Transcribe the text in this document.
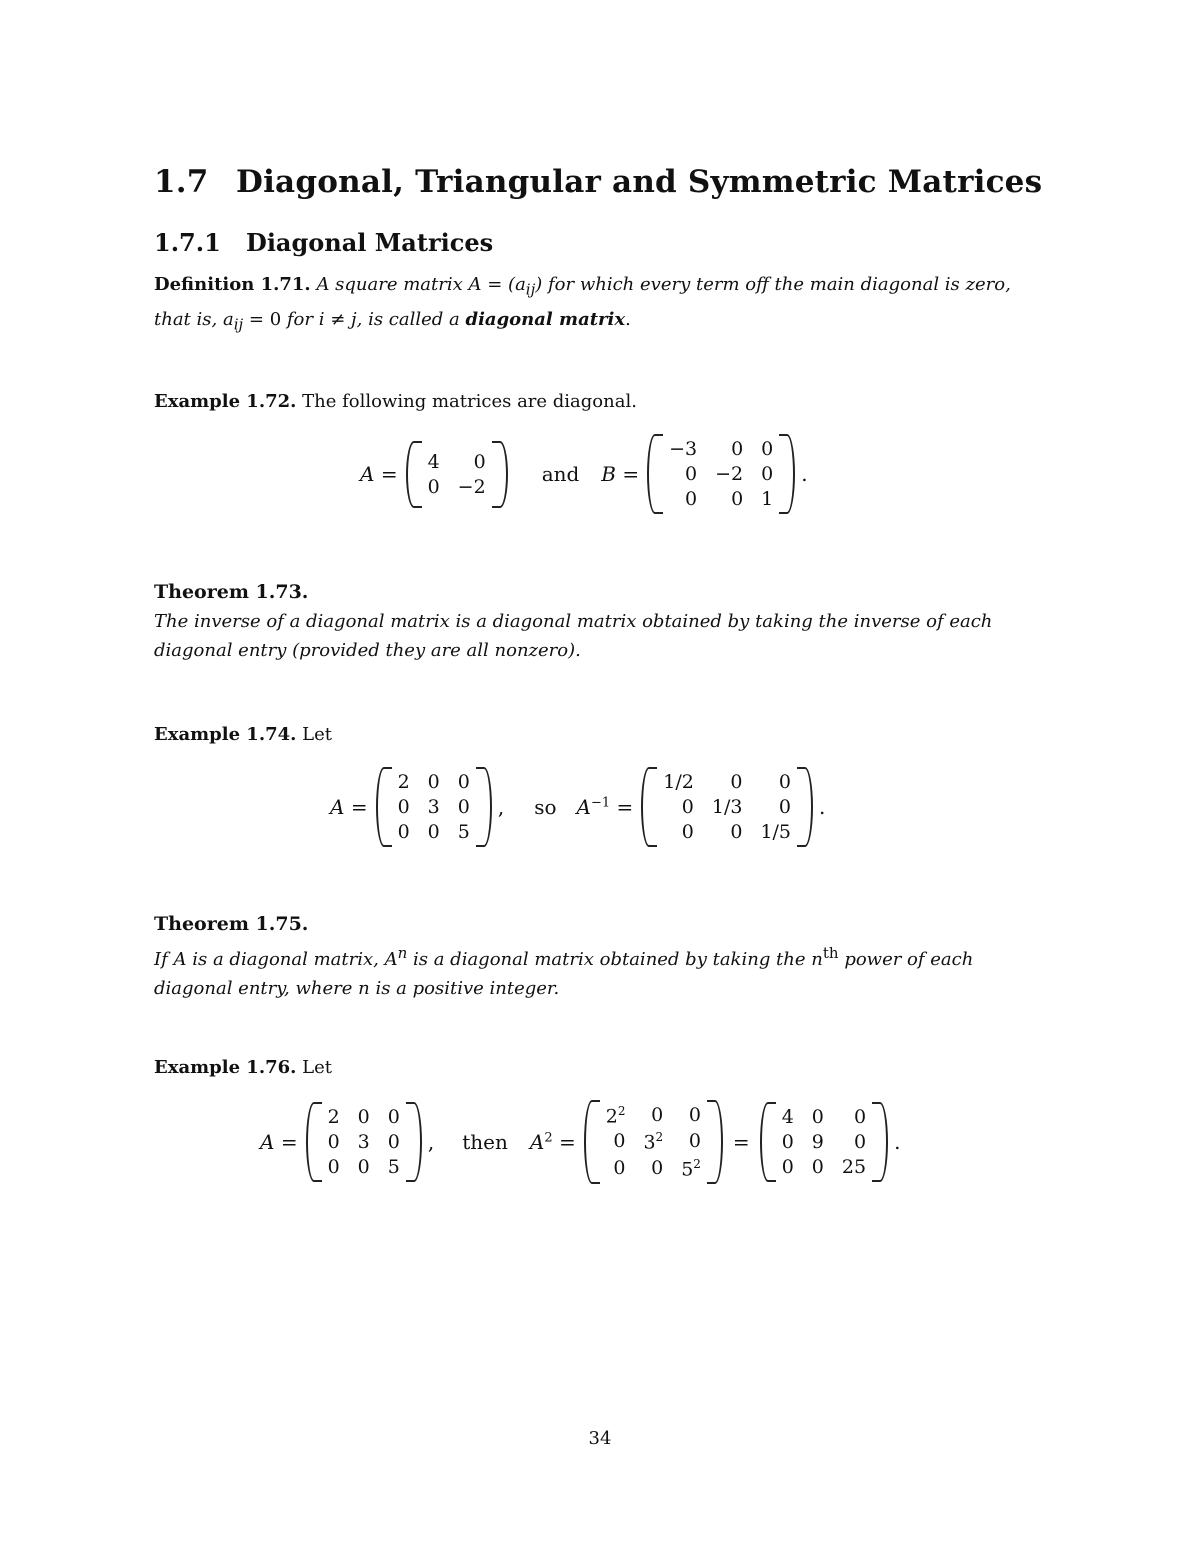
1.7 Diagonal, Triangular and Symmetric Matrices
1.7.1 Diagonal Matrices
Definition 1.71. A square matrix $A = (a_{ij})$ for which every term off the main diagonal is zero, that is, $a_{ij} = 0$ for i ≠ j, is called a diagonal matrix.
Example 1.72. The following matrices are diagonal.
A =
4	0
0 −2
and B =
−3	0 0
0 −2 0
0	0 1
.
Theorem 1.73.
The inverse of a diagonal matrix is a diagonal matrix obtained by taking the inverse of each diagonal entry (provided they are all nonzero).
Example 1.74. Let
A =
2 0 0
0 3 0
0 0 5
, so $A^{-1}$ =
1/2	0	0
0 1/3	0
0	0 1/5
.
Theorem 1.75.
If A is a diagonal matrix, $A^n$ is a diagonal matrix obtained by taking the $n^{th}$ power of each diagonal entry, where n is a positive integer.
Example 1.76. Let
A =
2 0 0
0 3 0
0 0 5
, then $A^2$ =
$2^2$	0	0
0 $3^2$	0
0	0 $5^2$
=
4 0	0
0 9	0
0 0 25
.
34
